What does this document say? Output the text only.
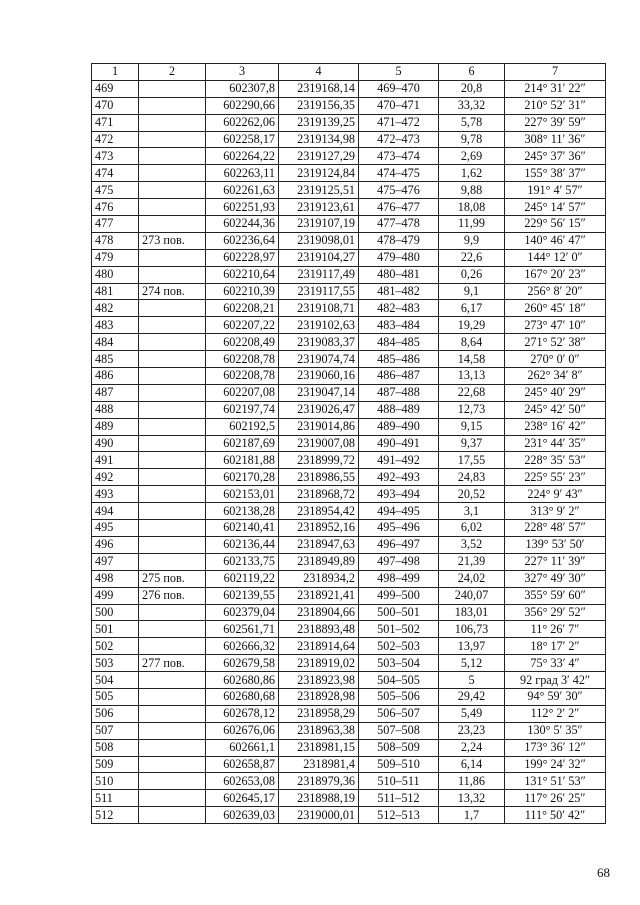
1	2	3	4	5	6	7
469		602307,8	2319168,14	469–470	20,8	214° 31′ 22″
470		602290,66	2319156,35	470–471	33,32	210° 52′ 31″
471		602262,06	2319139,25	471–472	5,78	227° 39′ 59″
472		602258,17	2319134,98	472–473	9,78	308° 11′ 36″
473		602264,22	2319127,29	473–474	2,69	245° 37′ 36″
474		602263,11	2319124,84	474–475	1,62	155° 38′ 37″
475		602261,63	2319125,51	475–476	9,88	191° 4′ 57″
476		602251,93	2319123,61	476–477	18,08	245° 14′ 57″
477		602244,36	2319107,19	477–478	11,99	229° 56′ 15″
478	273 пов.	602236,64	2319098,01	478–479	9,9	140° 46′ 47″
479		602228,97	2319104,27	479–480	22,6	144° 12′ 0″
480		602210,64	2319117,49	480–481	0,26	167° 20′ 23″
481	274 пов.	602210,39	2319117,55	481–482	9,1	256° 8′ 20″
482		602208,21	2319108,71	482–483	6,17	260° 45′ 18″
483		602207,22	2319102,63	483–484	19,29	273° 47′ 10″
484		602208,49	2319083,37	484–485	8,64	271° 52′ 38″
485		602208,78	2319074,74	485–486	14,58	270° 0′ 0″
486		602208,78	2319060,16	486–487	13,13	262° 34′ 8″
487		602207,08	2319047,14	487–488	22,68	245° 40′ 29″
488		602197,74	2319026,47	488–489	12,73	245° 42′ 50″
489		602192,5	2319014,86	489–490	9,15	238° 16′ 42″
490		602187,69	2319007,08	490–491	9,37	231° 44′ 35″
491		602181,88	2318999,72	491–492	17,55	228° 35′ 53″
492		602170,28	2318986,55	492–493	24,83	225° 55′ 23″
493		602153,01	2318968,72	493–494	20,52	224° 9′ 43″
494		602138,28	2318954,42	494–495	3,1	313° 9′ 2″
495		602140,41	2318952,16	495–496	6,02	228° 48′ 57″
496		602136,44	2318947,63	496–497	3,52	139° 53′ 50′
497		602133,75	2318949,89	497–498	21,39	227° 11′ 39″
498	275 пов.	602119,22	2318934,2	498–499	24,02	327° 49′ 30″
499	276 пов.	602139,55	2318921,41	499–500	240,07	355° 59′ 60″
500		602379,04	2318904,66	500–501	183,01	356° 29′ 52″
501		602561,71	2318893,48	501–502	106,73	11° 26′ 7″
502		602666,32	2318914,64	502–503	13,97	18° 17′ 2″
503	277 пов.	602679,58	2318919,02	503–504	5,12	75° 33′ 4″
504		602680,86	2318923,98	504–505	5	92 град 3′ 42″
505		602680,68	2318928,98	505–506	29,42	94° 59′ 30″
506		602678,12	2318958,29	506–507	5,49	112° 2′ 2″
507		602676,06	2318963,38	507–508	23,23	130° 5′ 35″
508		602661,1	2318981,15	508–509	2,24	173° 36′ 12″
509		602658,87	2318981,4	509–510	6,14	199° 24′ 32″
510		602653,08	2318979,36	510–511	11,86	131° 51′ 53″
511		602645,17	2318988,19	511–512	13,32	117° 26′ 25″
512		602639,03	2319000,01	512–513	1,7	111° 50′ 42″
68
